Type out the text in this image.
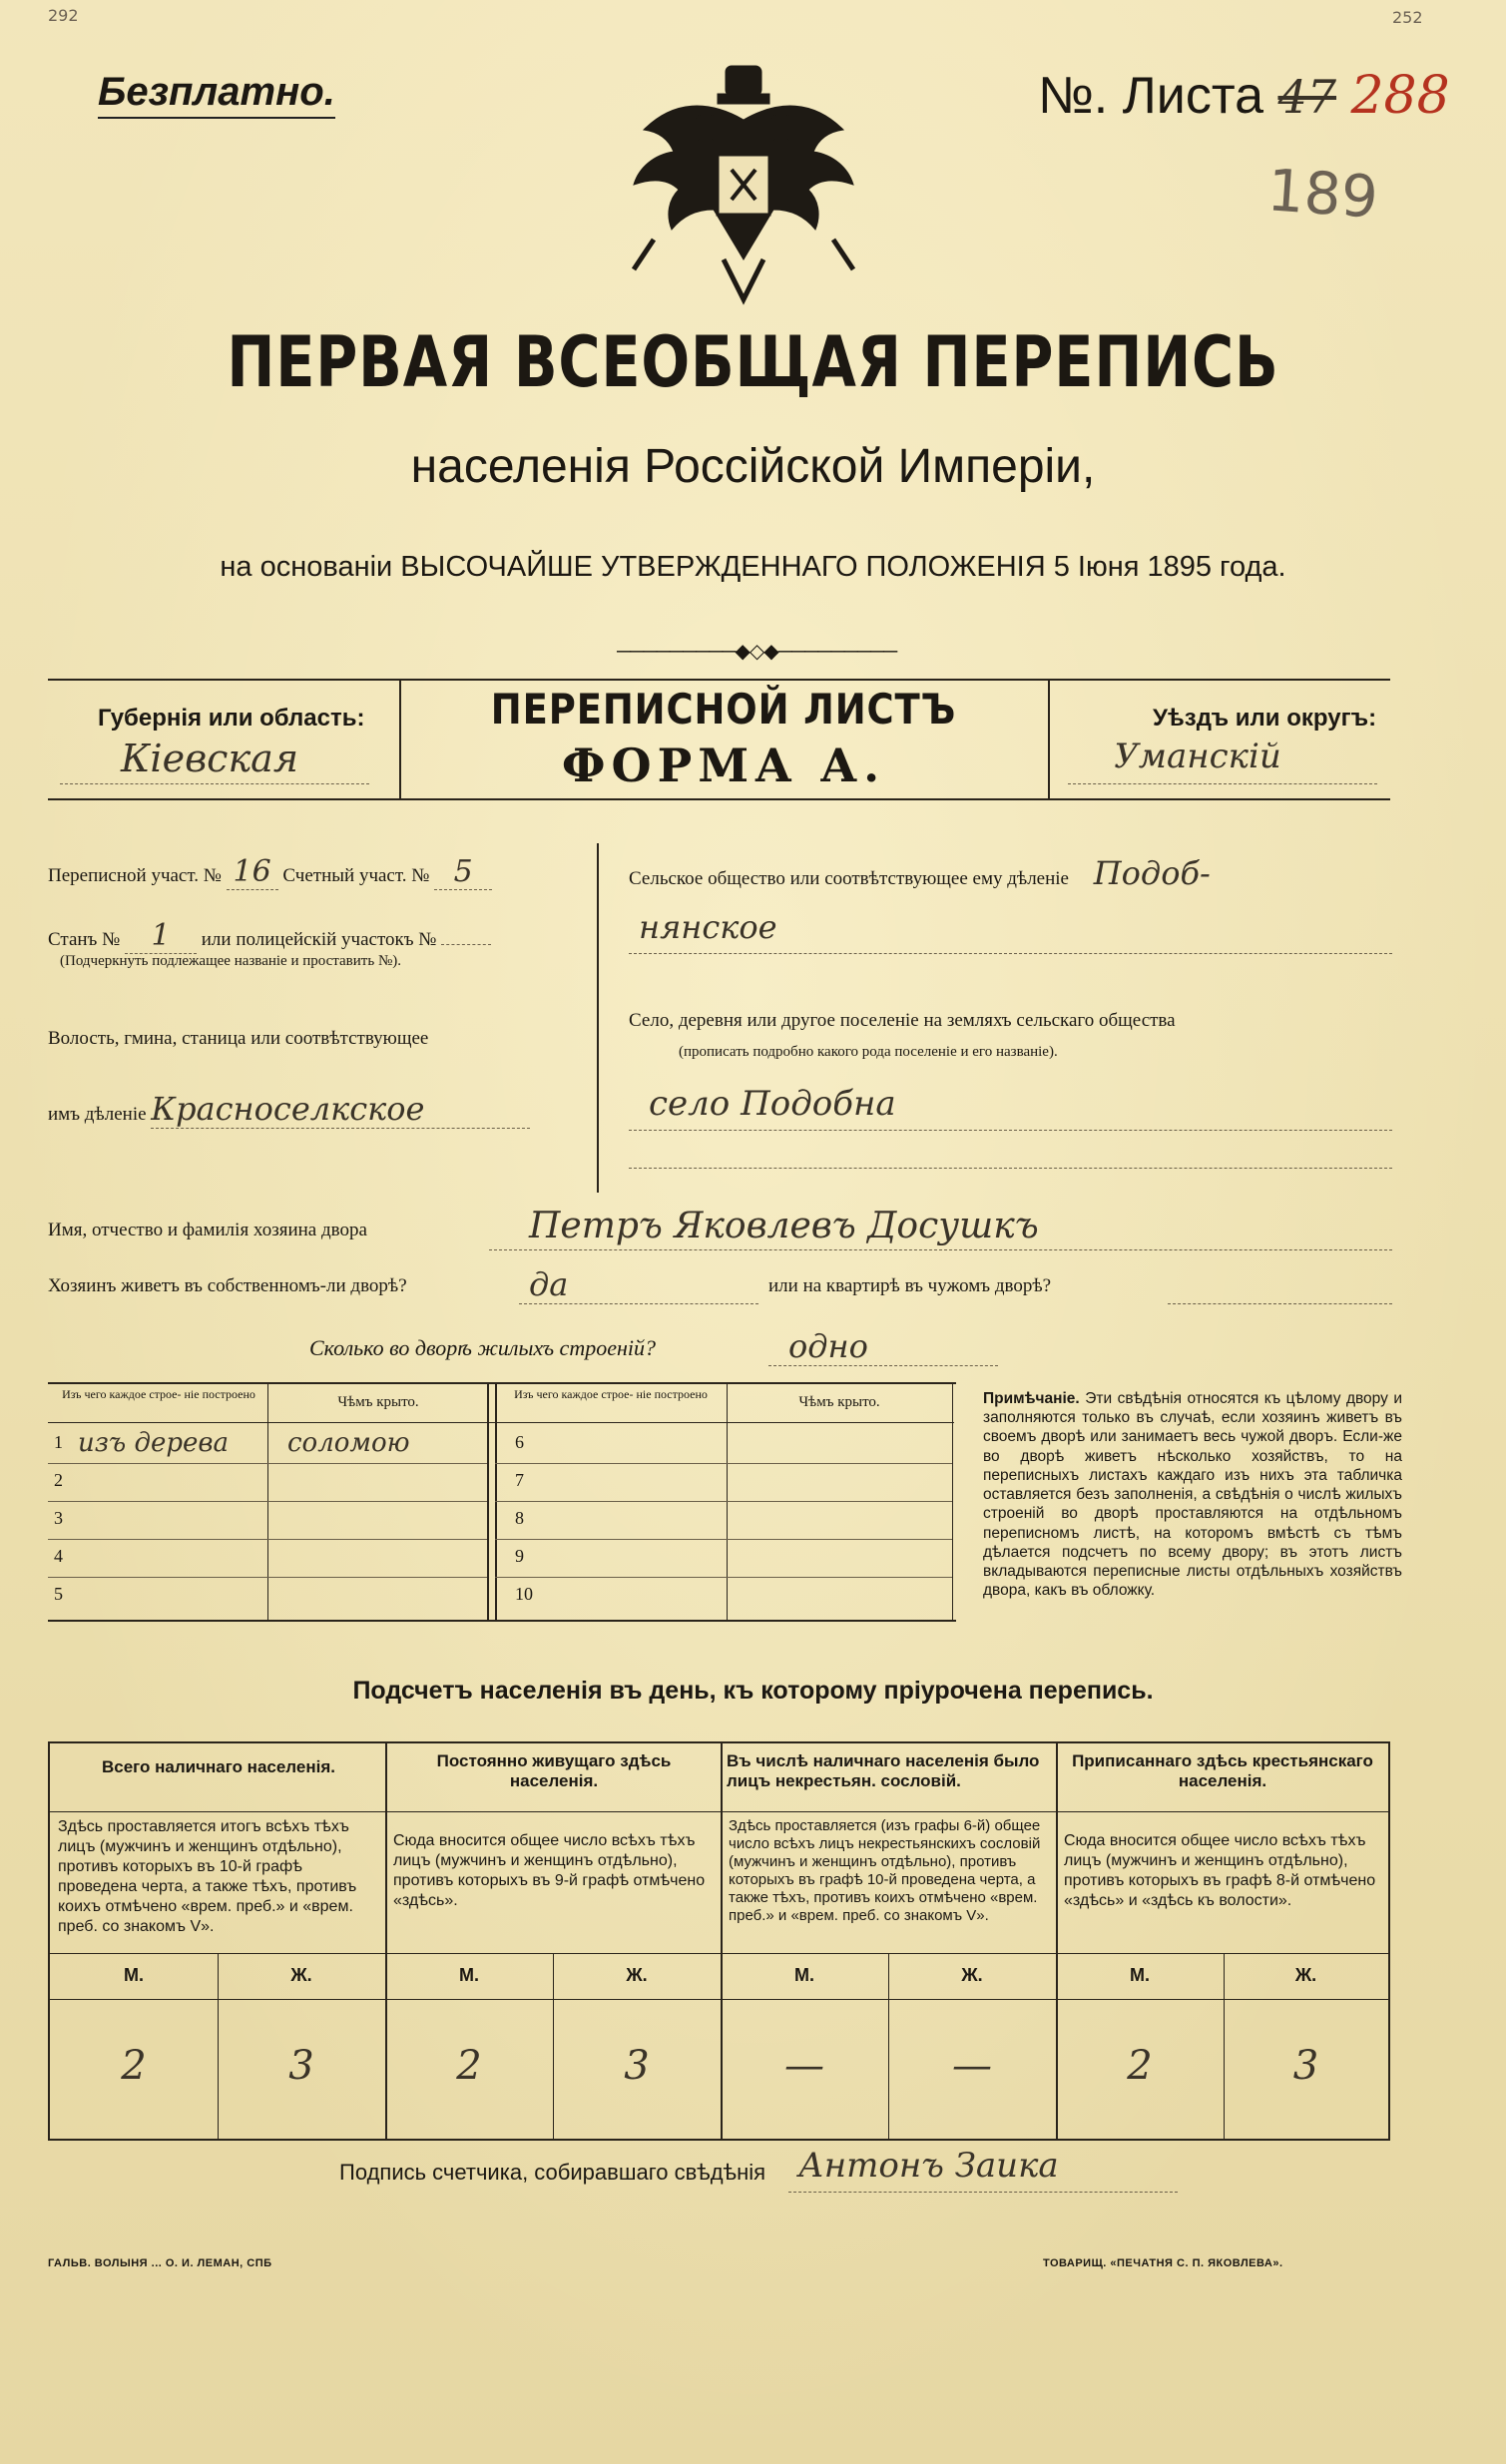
292	252
Безплатно.	№. Листа 47 288
189
ПЕРВАЯ ВСЕОБЩАЯ ПЕРЕПИСЬ
населенія Россійской Имперіи,
на основаніи ВЫСОЧАЙШЕ УТВЕРЖДЕННАГО ПОЛОЖЕНІЯ 5 Іюня 1895 года.
─────────◆◇◆─────────
Губернія или область:
Кіевская
ПЕРЕПИСНОЙ ЛИСТЪ
ФОРМА А.
Уѣздъ или округъ:
Уманскій
Переписной участ. № 16 Счетный участ. № 5
Станъ № 1 или полицейскій участокъ №
(Подчеркнуть подлежащее названіе и проставить №).
Волость, гмина, станица или соотвѣтствующее
имъ дѣленіе Красноселкское
Сельское общество или соотвѣтствующее ему дѣленіе Подоб-
нянское
Село, деревня или другое поселеніе на земляхъ сельскаго общества
(прописать подробно какого рода поселеніе и его названіе).
село Подобна
Имя, отчество и фамилія хозяина двора	Петръ Яковлевъ Досушкъ
Хозяинъ живетъ въ собственномъ-ли дворѣ?	да	или на квартирѣ въ чужомъ дворѣ?
Сколько во дворѣ жилыхъ строеній?	одно
Изъ чего каждое строе- ніе построено	Чѣмъ крыто.	Изъ чего каждое строе- ніе построено	Чѣмъ крыто.
1 изъ дерева соломою
2
3
4
5
6
7
8
9
10
Примѣчаніе. Эти свѣдѣнія относятся къ цѣлому двору и заполняются только въ случаѣ, если хозяинъ живетъ въ своемъ дворѣ или занимаетъ весь чужой дворъ. Если-же во дворѣ живетъ нѣсколько хозяйствъ, то на переписныхъ листахъ каждаго изъ нихъ эта табличка оставляется безъ заполненія, а свѣдѣнія о числѣ жилыхъ строеній во дворѣ проставляются на отдѣльномъ переписномъ листѣ, на которомъ вмѣстѣ съ тѣмъ дѣлается подсчетъ по всему двору; въ этотъ листъ вкладываются переписные листы отдѣльныхъ хозяйствъ двора, какъ въ обложку.
Подсчетъ населенія въ день, къ которому пріурочена перепись.
Всего наличнаго населенія.
Здѣсь проставляется итогъ всѣхъ тѣхъ лицъ (мужчинъ и женщинъ отдѣльно), противъ которыхъ въ 10-й графѣ проведена черта, а также тѣхъ, противъ коихъ отмѣчено «врем. преб.» и «врем. преб. со знакомъ V».
М.	Ж.
2	3
Постоянно живущаго здѣсь населенія.
Сюда вносится общее число всѣхъ тѣхъ лицъ (мужчинъ и женщинъ отдѣльно), противъ которыхъ въ 9-й графѣ отмѣчено «здѣсь».
М.	Ж.
2	3
Въ числѣ наличнаго населенія было лицъ некрестьян. сословій.
Здѣсь проставляется (изъ графы 6-й) общее число всѣхъ лицъ некрестьянскихъ сословій (мужчинъ и женщинъ отдѣльно), противъ которыхъ въ графѣ 10-й проведена черта, а также тѣхъ, противъ коихъ отмѣчено «врем. преб.» и «врем. преб. со знакомъ V».
М.	Ж.
—	—
Приписаннаго здѣсь крестьянскаго населенія.
Сюда вносится общее число всѣхъ тѣхъ лицъ (мужчинъ и женщинъ отдѣльно), противъ которыхъ въ графѣ 8-й отмѣчено «здѣсь» и «здѣсь къ волости».
М.	Ж.
2	3
Подпись счетчика, собиравшаго свѣдѣнія Антонъ Заика
ГАЛЬВ. ВОЛЫНЯ ... О. И. ЛЕМАН, СПБ	ТОВАРИЩ. «ПЕЧАТНЯ С. П. ЯКОВЛЕВА».
